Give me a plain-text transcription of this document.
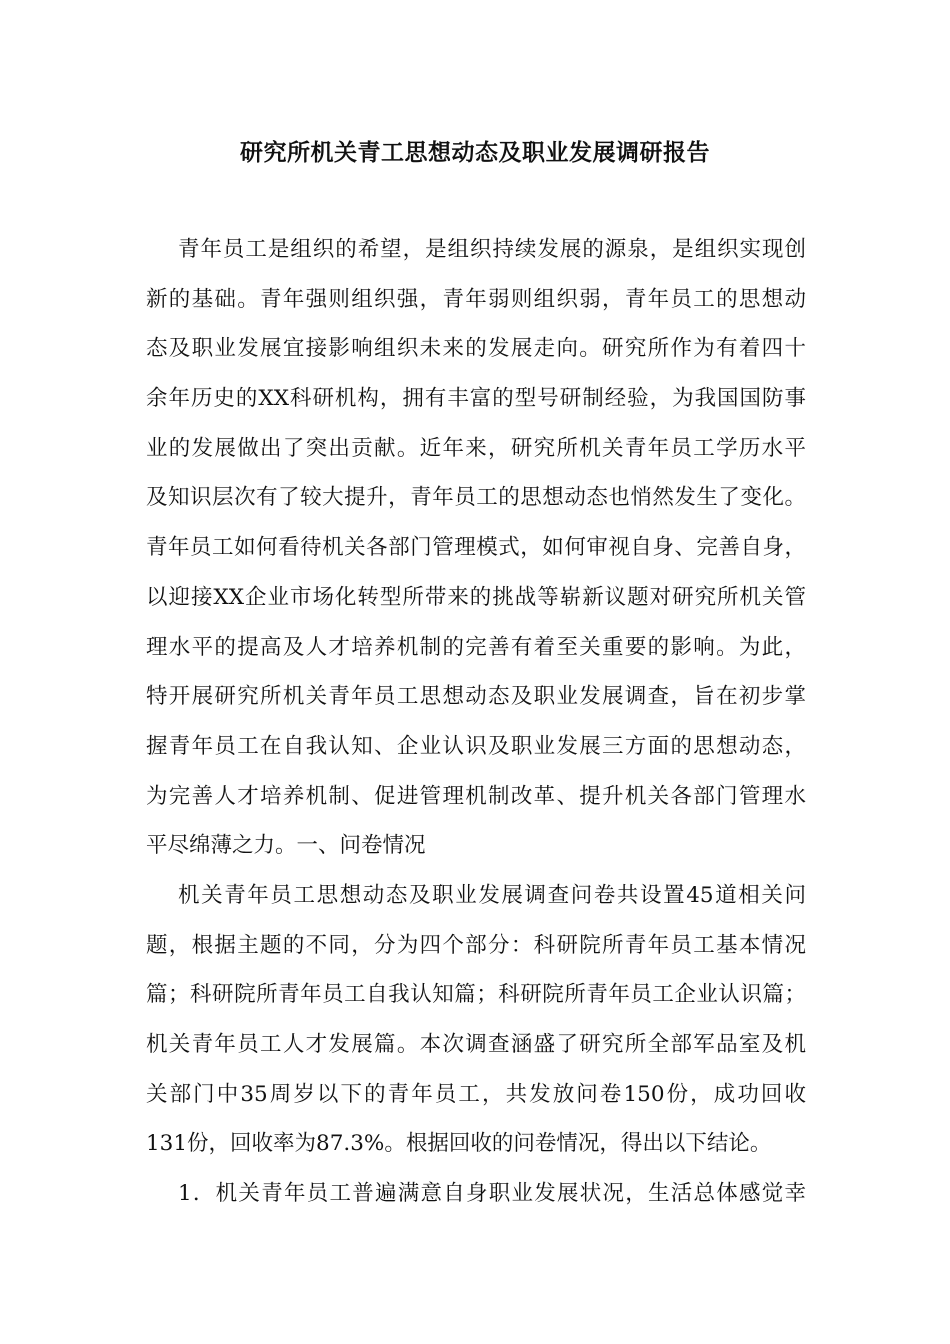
研究所机关青工思想动态及职业发展调研报告
青年员工是组织的希望，是组织持续发展的源泉，是组织实现创
新的基础。青年强则组织强，青年弱则组织弱，青年员工的思想动
态及职业发展宜接影响组织未来的发展走向。研究所作为有着四十
余年历史的XX科研机构，拥有丰富的型号研制经验，为我国国防事
业的发展做出了突出贡献。近年来，研究所机关青年员工学历水平
及知识层次有了较大提升，青年员工的思想动态也悄然发生了变化。
青年员工如何看待机关各部门管理模式，如何审视自身、完善自身，
以迎接XX企业市场化转型所带来的挑战等崭新议题对研究所机关管
理水平的提高及人才培养机制的完善有着至关重要的影响。为此，
特开展研究所机关青年员工思想动态及职业发展调查，旨在初步掌
握青年员工在自我认知、企业认识及职业发展三方面的思想动态，
为完善人才培养机制、促进管理机制改革、提升机关各部门管理水
平尽绵薄之力。一、问卷情况
机关青年员工思想动态及职业发展调查问卷共设置45道相关问
题，根据主题的不同，分为四个部分：科研院所青年员工基本情况
篇；科研院所青年员工自我认知篇；科研院所青年员工企业认识篇；
机关青年员工人才发展篇。本次调查涵盛了研究所全部军品室及机
关部门中35周岁以下的青年员工，共发放问卷150份，成功回收
131份，回收率为87.3%。根据回收的问卷情况，得出以下结论。
1．机关青年员工普遍满意自身职业发展状况，生活总体感觉幸
